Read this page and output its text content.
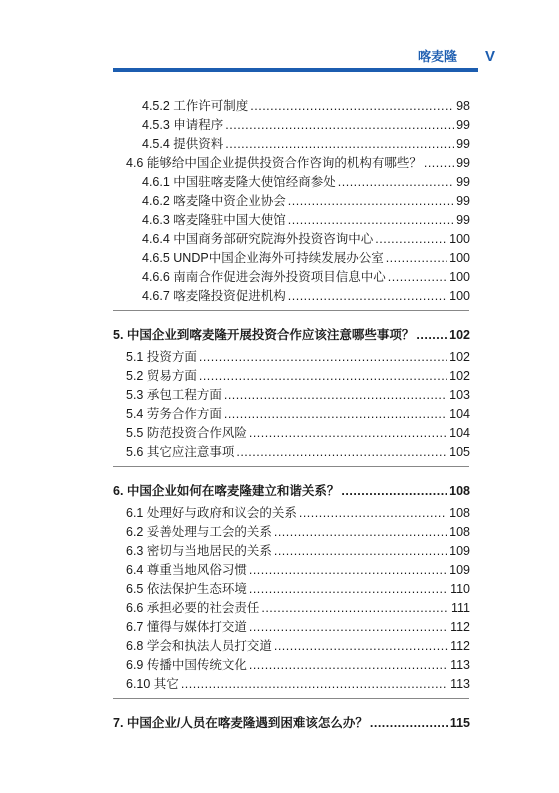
喀麦隆 V
4.5.2 工作许可制度 .....	98
4.5.3 申请程序 .....	99
4.5.4 提供资料 .....	99
4.6 能够给中国企业提供投资合作咨询的机构有哪些？ .....	99
4.6.1 中国驻喀麦隆大使馆经商参处 .....	99
4.6.2 喀麦隆中资企业协会 .....	99
4.6.3 喀麦隆驻中国大使馆 .....	99
4.6.4 中国商务部研究院海外投资咨询中心 .....	100
4.6.5 UNDP中国企业海外可持续发展办公室 .....	100
4.6.6 南南合作促进会海外投资项目信息中心 .....	100
4.6.7 喀麦隆投资促进机构 .....	100
5. 中国企业到喀麦隆开展投资合作应该注意哪些事项？ .....	102
5.1 投资方面 .....	102
5.2 贸易方面 .....	102
5.3 承包工程方面 .....	103
5.4 劳务合作方面 .....	104
5.5 防范投资合作风险 .....	104
5.6 其它应注意事项 .....	105
6. 中国企业如何在喀麦隆建立和谐关系？ .....	108
6.1 处理好与政府和议会的关系 .....	108
6.2 妥善处理与工会的关系 .....	108
6.3 密切与当地居民的关系 .....	109
6.4 尊重当地风俗习惯 .....	109
6.5 依法保护生态环境 .....	110
6.6 承担必要的社会责任 .....	111
6.7 懂得与媒体打交道 .....	112
6.8 学会和执法人员打交道 .....	112
6.9 传播中国传统文化 .....	113
6.10 其它 .....	113
7. 中国企业/人员在喀麦隆遇到困难该怎么办？ .....	115
